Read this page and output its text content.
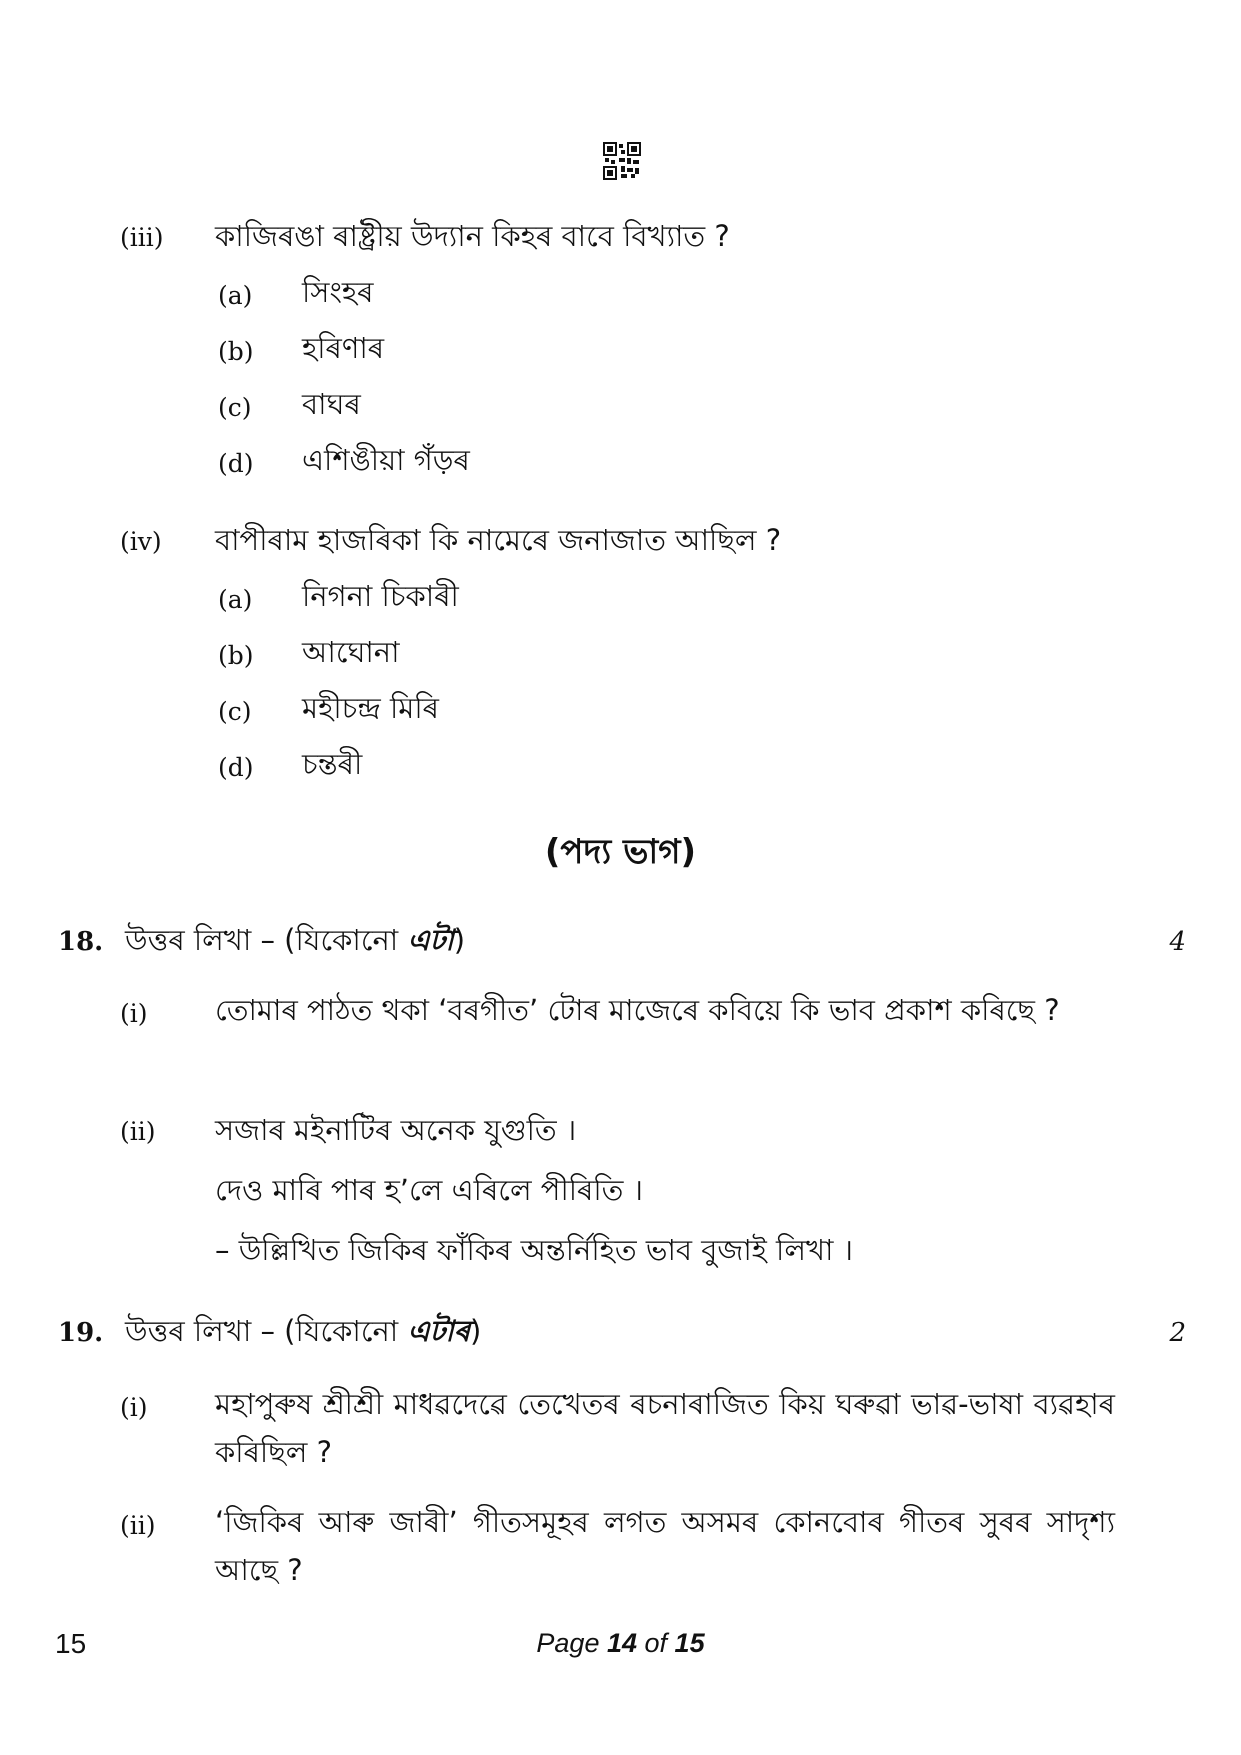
(iii) কাজিৰঙা ৰাষ্ট্ৰীয় উদ্যান কিহৰ বাবে বিখ্যাত ?
(a) সিংহৰ
(b) হৰিণাৰ
(c) বাঘৰ
(d) এশিঙীয়া গঁড়ৰ
(iv) বাপীৰাম হাজৰিকা কি নামেৰে জনাজাত আছিল ?
(a) নিগনা চিকাৰী
(b) আঘোনা
(c) মহীচন্দ্ৰ মিৰি
(d) চন্তৰী
(পদ্য ভাগ)
18. উত্তৰ লিখা – (যিকোনো এটা)	4
(i) তোমাৰ পাঠত থকা ‘বৰগীত’ টোৰ মাজেৰে কবিয়ে কি ভাব প্ৰকাশ কৰিছে ?
(ii) সজাৰ মইনাটিৰ অনেক যুগুতি ।
দেও মাৰি পাৰ হ’লে এৰিলে পীৰিতি ।
– উল্লিখিত জিকিৰ ফাঁকিৰ অন্তৰ্নিহিত ভাব বুজাই লিখা ।
19. উত্তৰ লিখা – (যিকোনো এটাৰ)	2
(i) মহাপুৰুষ শ্ৰীশ্ৰী মাধৱদেৱে তেখেতৰ ৰচনাৰাজিত কিয় ঘৰুৱা ভাৱ-ভাষা ব্যৱহাৰ কৰিছিল ?
(ii) ‘জিকিৰ আৰু জাৰী’ গীতসমূহৰ লগত অসমৰ কোনবোৰ গীতৰ সুৰৰ সাদৃশ্য আছে ?
15	Page 14 of 15
